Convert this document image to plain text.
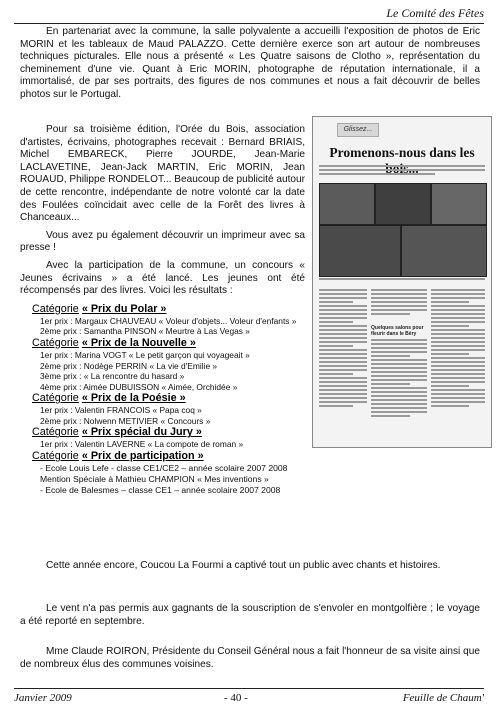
Le Comité des Fêtes
En partenariat avec la commune, la salle polyvalente a accueilli l'exposition de photos de Eric MORIN et les tableaux de Maud PALAZZO. Cette dernière exerce son art autour de nombreuses techniques picturales. Elle nous a présenté « Les Quatre saisons de Clotho », représentation du cheminement d'une vie. Quant à Eric MORIN, photographe de réputation internationale, il a immortalisé, de par ses portraits, des figures de nos communes et nous a fait découvrir de belles photos sur le Portugal.

Pour sa troisième édition, l'Orée du Bois, association d'artistes, écrivains, photographes recevait : Bernard BRIAIS, Michel EMBARECK, Pierre JOURDE, Jean-Marie LACLAVETINE, Jean-Jack MARTIN, Eric MORIN, Jean ROUAUD, Philippe RONDELOT... Beaucoup de publicité autour de cette rencontre, indépendante de notre volonté car la date des Foulées coïncidait avec celle de la Forêt des livres à Chanceaux...

Vous avez pu également découvrir un imprimeur avec sa presse !

Avec la participation de la commune, un concours « Jeunes écrivains » a été lancé. Les jeunes ont été récompensés par des livres. Voici les résultats :

Catégorie « Prix du Polar »
1er prix : Margaux CHAUVEAU « Voleur d'objets... Voleur d'enfants »
2ème prix : Samantha PINSON « Meurtre à Las Vegas »
Catégorie « Prix de la Nouvelle »
1er prix : Marina VOGT « Le petit garçon qui voyageait »
2ème prix : Nodège PERRIN « La vie d'Emilie »
3ème prix : « La rencontre du hasard »
4ème prix : Aimée DUBUISSON « Aimée, Orchidée »
Catégorie « Prix de la Poésie »
1er prix : Valentin FRANCOIS « Papa coq »
2ème prix : Nolwenn METIVIER « Concours »
Catégorie « Prix spécial du Jury »
1er prix : Valentin LAVERNE « La compote de roman »
Catégorie « Prix de participation »
- Ecole Louis Lefe - classe CE1/CE2 – année scolaire 2007 2008
Mention Spéciale à Mathieu CHAMPION « Mes inventions »
- Ecole de Balesmes – classe CE1 – année scolaire 2007 2008
Glissez...
Promenons-nous dans les
Quelques salons pour fleurir dans le Béry
Cette année encore, Coucou La Fourmi a captivé tout un public avec chants et histoires.
Le vent n'a pas permis aux gagnants de la souscription de s'envoler en montgolfière ; le voyage a été reporté en septembre.
Mme Claude ROIRON, Présidente du Conseil Général nous a fait l'honneur de sa visite ainsi que de nombreux élus des communes voisines.
Janvier 2009	- 40 -	Feuille de Chaum'
